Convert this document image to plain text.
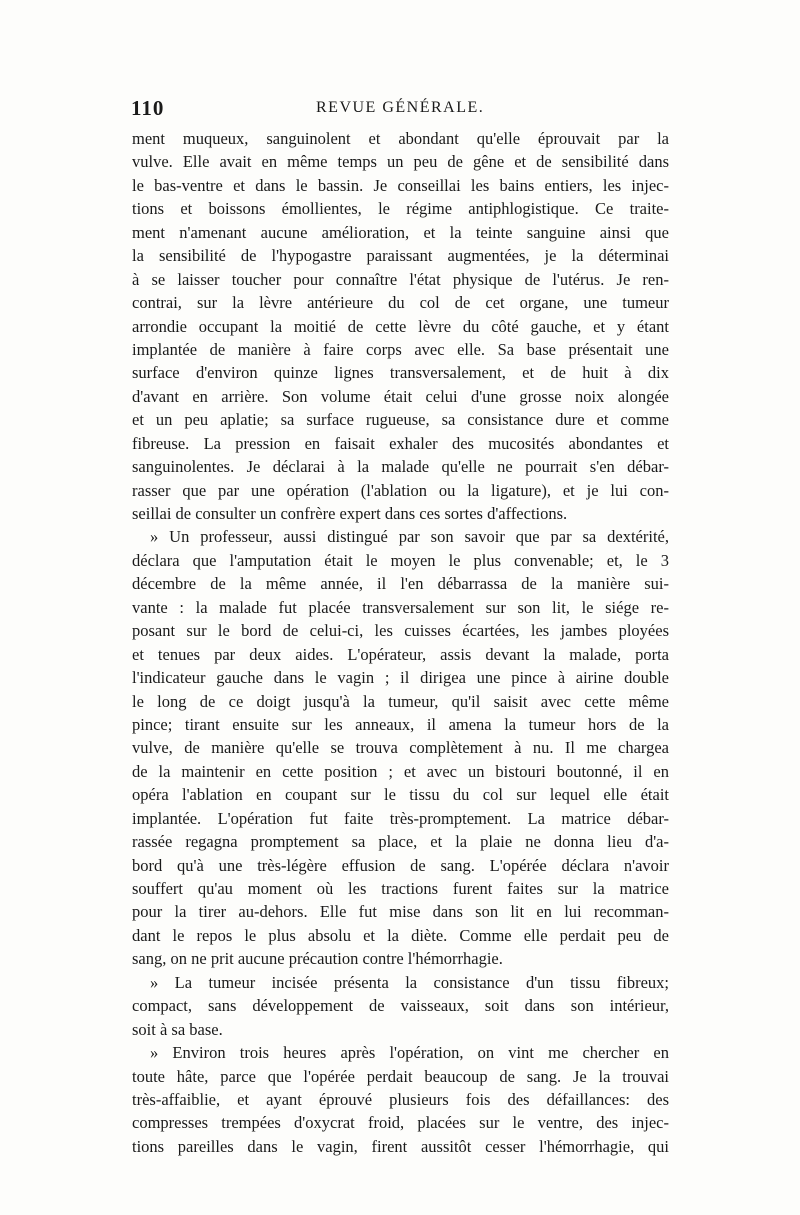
110	REVUE GÉNÉRALE.
ment muqueux, sanguinolent et abondant qu'elle éprouvait par la
vulve. Elle avait en même temps un peu de gêne et de sensibilité dans
le bas-ventre et dans le bassin. Je conseillai les bains entiers, les injec-
tions et boissons émollientes, le régime antiphlogistique. Ce traite-
ment n'amenant aucune amélioration, et la teinte sanguine ainsi que
la sensibilité de l'hypogastre paraissant augmentées, je la déterminai
à se laisser toucher pour connaître l'état physique de l'utérus. Je ren-
contrai, sur la lèvre antérieure du col de cet organe, une tumeur
arrondie occupant la moitié de cette lèvre du côté gauche, et y étant
implantée de manière à faire corps avec elle. Sa base présentait une
surface d'environ quinze lignes transversalement, et de huit à dix
d'avant en arrière. Son volume était celui d'une grosse noix alongée
et un peu aplatie; sa surface rugueuse, sa consistance dure et comme
fibreuse. La pression en faisait exhaler des mucosités abondantes et
sanguinolentes. Je déclarai à la malade qu'elle ne pourrait s'en débar-
rasser que par une opération (l'ablation ou la ligature), et je lui con-
seillai de consulter un confrère expert dans ces sortes d'affections.
» Un professeur, aussi distingué par son savoir que par sa dextérité,
déclara que l'amputation était le moyen le plus convenable; et, le 3
décembre de la même année, il l'en débarrassa de la manière sui-
vante : la malade fut placée transversalement sur son lit, le siége re-
posant sur le bord de celui-ci, les cuisses écartées, les jambes ployées
et tenues par deux aides. L'opérateur, assis devant la malade, porta
l'indicateur gauche dans le vagin ; il dirigea une pince à airine double
le long de ce doigt jusqu'à la tumeur, qu'il saisit avec cette même
pince; tirant ensuite sur les anneaux, il amena la tumeur hors de la
vulve, de manière qu'elle se trouva complètement à nu. Il me chargea
de la maintenir en cette position ; et avec un bistouri boutonné, il en
opéra l'ablation en coupant sur le tissu du col sur lequel elle était
implantée. L'opération fut faite très-promptement. La matrice débar-
rassée regagna promptement sa place, et la plaie ne donna lieu d'a-
bord qu'à une très-légère effusion de sang. L'opérée déclara n'avoir
souffert qu'au moment où les tractions furent faites sur la matrice
pour la tirer au-dehors. Elle fut mise dans son lit en lui recomman-
dant le repos le plus absolu et la diète. Comme elle perdait peu de
sang, on ne prit aucune précaution contre l'hémorrhagie.
» La tumeur incisée présenta la consistance d'un tissu fibreux;
compact, sans développement de vaisseaux, soit dans son intérieur,
soit à sa base.
» Environ trois heures après l'opération, on vint me chercher en
toute hâte, parce que l'opérée perdait beaucoup de sang. Je la trouvai
très-affaiblie, et ayant éprouvé plusieurs fois des défaillances: des
compresses trempées d'oxycrat froid, placées sur le ventre, des injec-
tions pareilles dans le vagin, firent aussitôt cesser l'hémorrhagie, qui
